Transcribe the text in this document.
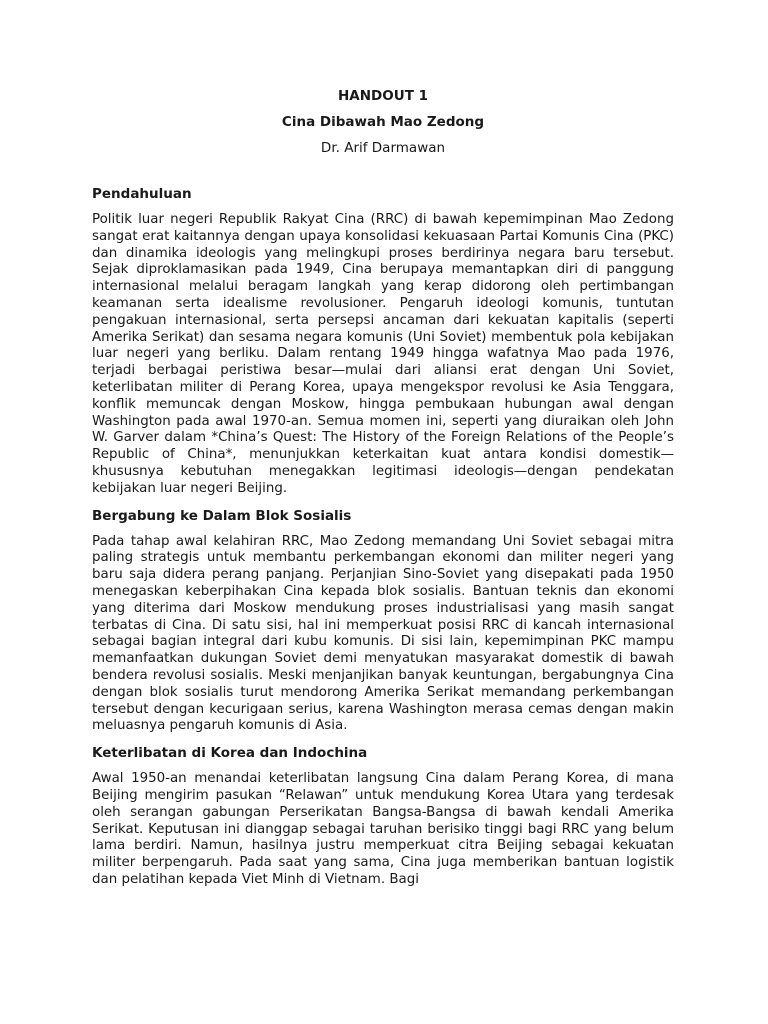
HANDOUT 1
Cina Dibawah Mao Zedong
Dr. Arif Darmawan
Pendahuluan

Politik luar negeri Republik Rakyat Cina (RRC) di bawah kepemimpinan Mao Zedong sangat erat kaitannya dengan upaya konsolidasi kekuasaan Partai Komunis Cina (PKC) dan dinamika ideologis yang melingkupi proses berdirinya negara baru tersebut. Sejak diproklamasikan pada 1949, Cina berupaya memantapkan diri di panggung internasional melalui beragam langkah yang kerap didorong oleh pertimbangan keamanan serta idealisme revolusioner. Pengaruh ideologi komunis, tuntutan pengakuan internasional, serta persepsi ancaman dari kekuatan kapitalis (seperti Amerika Serikat) dan sesama negara komunis (Uni Soviet) membentuk pola kebijakan luar negeri yang berliku. Dalam rentang 1949 hingga wafatnya Mao pada 1976, terjadi berbagai peristiwa besar—mulai dari aliansi erat dengan Uni Soviet, keterlibatan militer di Perang Korea, upaya mengekspor revolusi ke Asia Tenggara, konflik memuncak dengan Moskow, hingga pembukaan hubungan awal dengan Washington pada awal 1970-an. Semua momen ini, seperti yang diuraikan oleh John W. Garver dalam *China’s Quest: The History of the Foreign Relations of the People’s Republic of China*, menunjukkan keterkaitan kuat antara kondisi domestik—khususnya kebutuhan menegakkan legitimasi ideologis—dengan pendekatan kebijakan luar negeri Beijing.

Bergabung ke Dalam Blok Sosialis

Pada tahap awal kelahiran RRC, Mao Zedong memandang Uni Soviet sebagai mitra paling strategis untuk membantu perkembangan ekonomi dan militer negeri yang baru saja didera perang panjang. Perjanjian Sino-Soviet yang disepakati pada 1950 menegaskan keberpihakan Cina kepada blok sosialis. Bantuan teknis dan ekonomi yang diterima dari Moskow mendukung proses industrialisasi yang masih sangat terbatas di Cina. Di satu sisi, hal ini memperkuat posisi RRC di kancah internasional sebagai bagian integral dari kubu komunis. Di sisi lain, kepemimpinan PKC mampu memanfaatkan dukungan Soviet demi menyatukan masyarakat domestik di bawah bendera revolusi sosialis. Meski menjanjikan banyak keuntungan, bergabungnya Cina dengan blok sosialis turut mendorong Amerika Serikat memandang perkembangan tersebut dengan kecurigaan serius, karena Washington merasa cemas dengan makin meluasnya pengaruh komunis di Asia.

Keterlibatan di Korea dan Indochina

Awal 1950-an menandai keterlibatan langsung Cina dalam Perang Korea, di mana Beijing mengirim pasukan “Relawan” untuk mendukung Korea Utara yang terdesak oleh serangan gabungan Perserikatan Bangsa-Bangsa di bawah kendali Amerika Serikat. Keputusan ini dianggap sebagai taruhan berisiko tinggi bagi RRC yang belum lama berdiri. Namun, hasilnya justru memperkuat citra Beijing sebagai kekuatan militer berpengaruh. Pada saat yang sama, Cina juga memberikan bantuan logistik dan pelatihan kepada Viet Minh di Vietnam. Bagi
